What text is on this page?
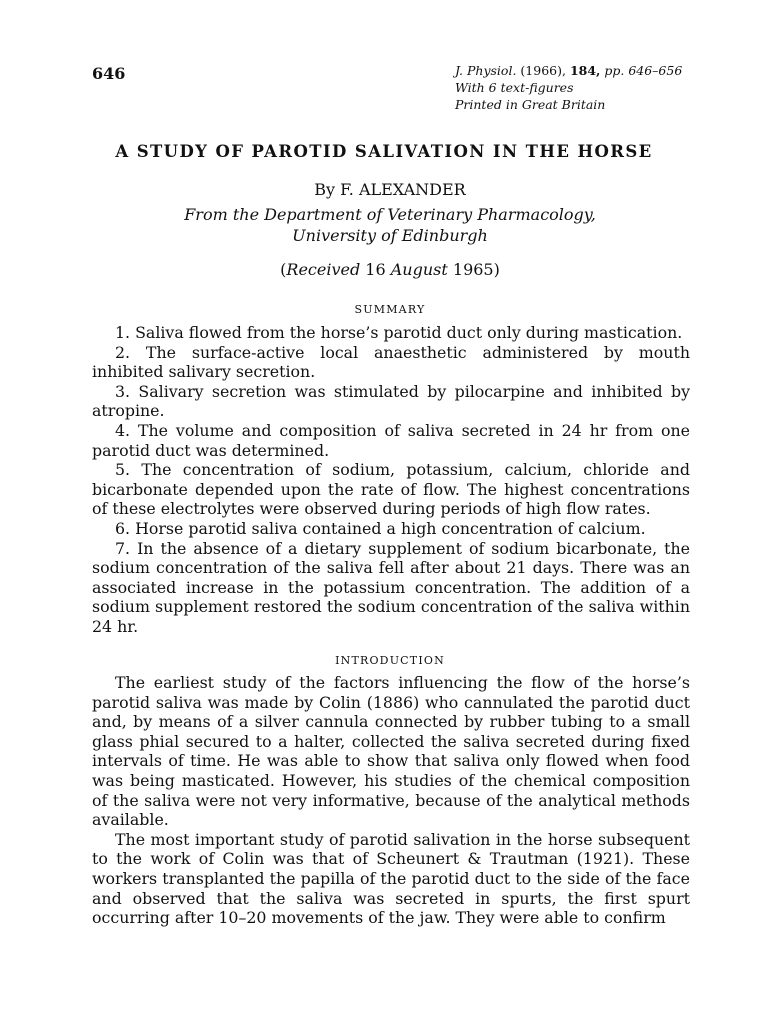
646	J. Physiol. (1966), 184, pp. 646–656
With 6 text-figures
Printed in Great Britain
A STUDY OF PAROTID SALIVATION IN THE HORSE
By F. ALEXANDER
From the Department of Veterinary Pharmacology,
University of Edinburgh
(Received 16 August 1965)
SUMMARY

1. Saliva flowed from the horse’s parotid duct only during mastication.

2. The surface-active local anaesthetic administered by mouth inhibited salivary secretion.

3. Salivary secretion was stimulated by pilocarpine and inhibited by atropine.

4. The volume and composition of saliva secreted in 24 hr from one parotid duct was determined.

5. The concentration of sodium, potassium, calcium, chloride and bicarbonate depended upon the rate of flow. The highest concentrations of these electrolytes were observed during periods of high flow rates.

6. Horse parotid saliva contained a high concentration of calcium.

7. In the absence of a dietary supplement of sodium bicarbonate, the sodium concentration of the saliva fell after about 21 days. There was an associated increase in the potassium concentration. The addition of a sodium supplement restored the sodium concentration of the saliva within 24 hr.

INTRODUCTION

The earliest study of the factors influencing the flow of the horse’s parotid saliva was made by Colin (1886) who cannulated the parotid duct and, by means of a silver cannula connected by rubber tubing to a small glass phial secured to a halter, collected the saliva secreted during fixed intervals of time. He was able to show that saliva only flowed when food was being masticated. However, his studies of the chemical composition of the saliva were not very informative, because of the analytical methods available.

The most important study of parotid salivation in the horse subsequent to the work of Colin was that of Scheunert & Trautman (1921). These workers transplanted the papilla of the parotid duct to the side of the face and observed that the saliva was secreted in spurts, the first spurt occurring after 10–20 movements of the jaw. They were able to confirm
